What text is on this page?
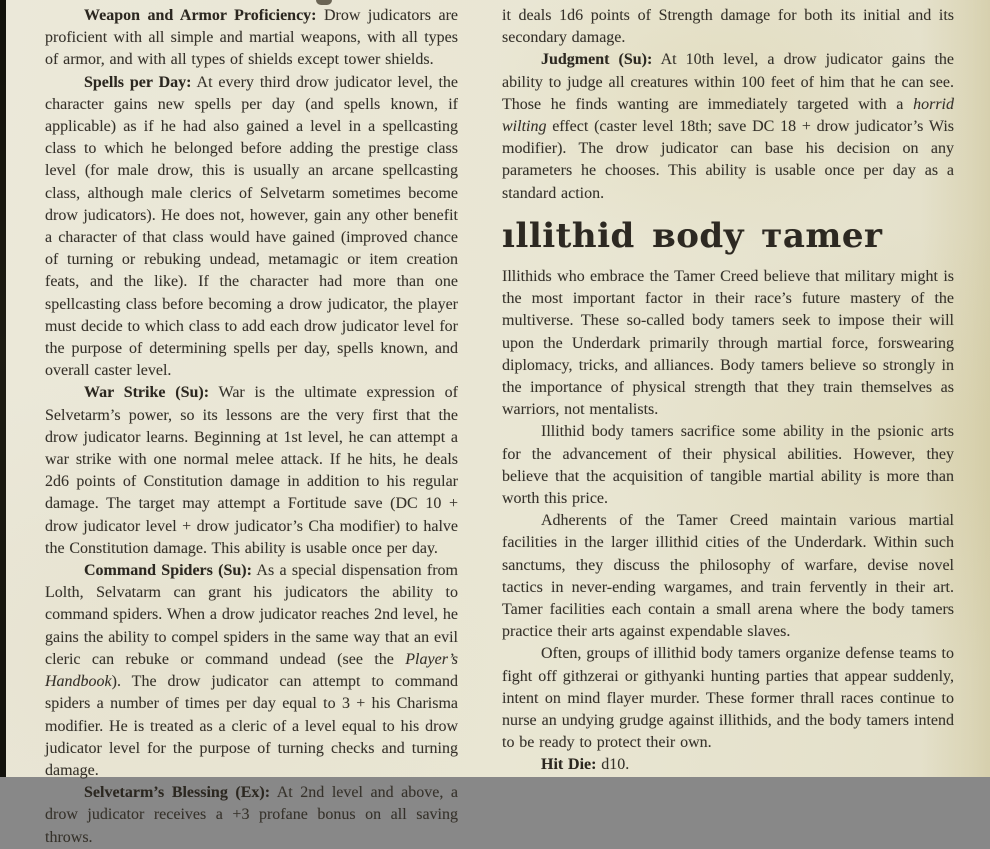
Weapon and Armor Proficiency: Drow judicators are proficient with all simple and martial weapons, with all types of armor, and with all types of shields except tower shields.

Spells per Day: At every third drow judicator level, the character gains new spells per day (and spells known, if applicable) as if he had also gained a level in a spellcasting class to which he belonged before adding the prestige class level (for male drow, this is usually an arcane spellcasting class, although male clerics of Selvetarm sometimes become drow judicators). He does not, however, gain any other benefit a character of that class would have gained (improved chance of turning or rebuking undead, metamagic or item creation feats, and the like). If the character had more than one spellcasting class before becoming a drow judicator, the player must decide to which class to add each drow judicator level for the purpose of determining spells per day, spells known, and overall caster level.

War Strike (Su): War is the ultimate expression of Selvetarm’s power, so its lessons are the very first that the drow judicator learns. Beginning at 1st level, he can attempt a war strike with one normal melee attack. If he hits, he deals 2d6 points of Constitution damage in addition to his regular damage. The target may attempt a Fortitude save (DC 10 + drow judicator level + drow judicator’s Cha modifier) to halve the Constitution damage. This ability is usable once per day.

Command Spiders (Su): As a special dispensation from Lolth, Selvatarm can grant his judicators the ability to command spiders. When a drow judicator reaches 2nd level, he gains the ability to compel spiders in the same way that an evil cleric can rebuke or command undead (see the Player’s Handbook). The drow judicator can attempt to command spiders a number of times per day equal to 3 + his Charisma modifier. He is treated as a cleric of a level equal to his drow judicator level for the purpose of turning checks and turning damage.

Selvetarm’s Blessing (Ex): At 2nd level and above, a drow judicator receives a +3 profane bonus on all saving throws.

it deals 1d6 points of Strength damage for both its initial and its secondary damage.

Judgment (Su): At 10th level, a drow judicator gains the ability to judge all creatures within 100 feet of him that he can see. Those he finds wanting are immediately targeted with a horrid wilting effect (caster level 18th; save DC 18 + drow judicator’s Wis modifier). The drow judicator can base his decision on any parameters he chooses. This ability is usable once per day as a standard action.

ıllithid ʙody ᴛamer

Illithids who embrace the Tamer Creed believe that military might is the most important factor in their race’s future mastery of the multiverse. These so-called body tamers seek to impose their will upon the Underdark primarily through martial force, forswearing diplomacy, tricks, and alliances. Body tamers believe so strongly in the importance of physical strength that they train themselves as warriors, not mentalists.

Illithid body tamers sacrifice some ability in the psionic arts for the advancement of their physical abilities. However, they believe that the acquisition of tangible martial ability is more than worth this price.

Adherents of the Tamer Creed maintain various martial facilities in the larger illithid cities of the Underdark. Within such sanctums, they discuss the philosophy of warfare, devise novel tactics in never-ending wargames, and train fervently in their art. Tamer facilities each contain a small arena where the body tamers practice their arts against expendable slaves.

Often, groups of illithid body tamers organize defense teams to fight off githzerai or githyanki hunting parties that appear suddenly, intent on mind flayer murder. These former thrall races continue to nurse an undying grudge against illithids, and the body tamers intend to be ready to protect their own.

Hit Die: d10.
